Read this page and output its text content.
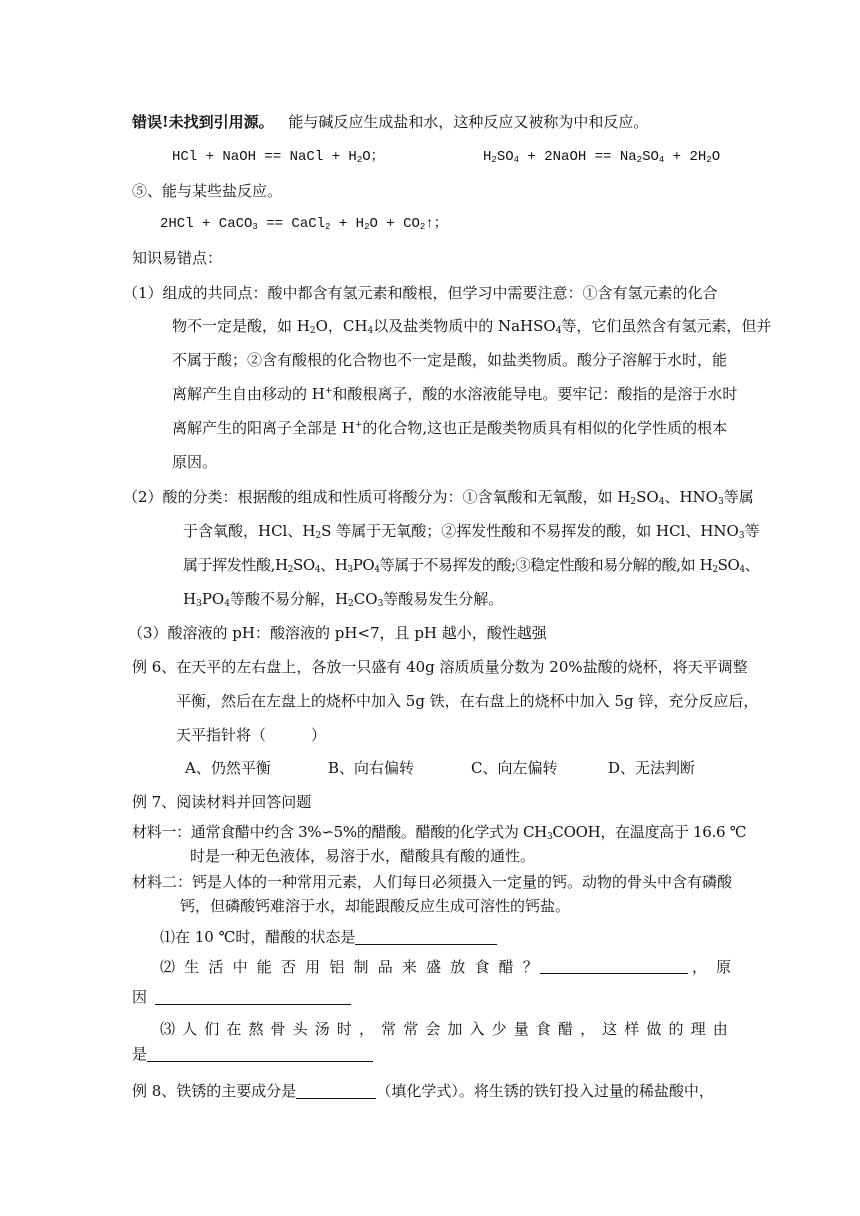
错误!未找到引用源。 能与碱反应生成盐和水，这种反应又被称为中和反应。
HCl + NaOH == NaCl + $H_2O$；	$H_2SO_4$ + 2NaOH == $Na_2SO_4 + 2H_2O$
⑤、能与某些盐反应。
2HCl + CaCO$_3$ == CaCl$_2$ + $H_2O$ + $CO_2↑$；
知识易错点：
（1）组成的共同点：酸中都含有氢元素和酸根，但学习中需要注意：①含有氢元素的化合
物不一定是酸，如 $H_2O$，$CH_4$以及盐类物质中的 NaHSO$_4$等，它们虽然含有氢元素，但并
不属于酸；②含有酸根的化合物也不一定是酸，如盐类物质。酸分子溶解于水时，能
离解产生自由移动的 H+和酸根离子，酸的水溶液能导电。要牢记：酸指的是溶于水时
离解产生的阳离子全部是 H+的化合物,这也正是酸类物质具有相似的化学性质的根本
原因。
（2）酸的分类：根据酸的组成和性质可将酸分为：①含氧酸和无氧酸，如 $H_2SO_4$、$HNO_3$等属
于含氧酸，HCl、$H_2S$ 等属于无氧酸；②挥发性酸和不易挥发的酸，如 HCl、$HNO_3$等
属于挥发性酸$,H_2SO_4$、$H_3PO_4$等属于不易挥发的酸;③稳定性酸和易分解的酸,如 $H_2SO_4$、
$H_3PO_4$等酸不易分解，$H_2CO_3$等酸易发生分解。
（3）酸溶液的 pH：酸溶液的 pH<7，且 pH 越小，酸性越强
例 6、在天平的左右盘上，各放一只盛有 40g 溶质质量分数为 20%盐酸的烧杯，将天平调整
平衡，然后在左盘上的烧杯中加入 5g 铁，在右盘上的烧杯中加入 5g 锌，充分反应后，
天平指针将（　　　）
A、仍然平衡	B、向右偏转	C、向左偏转	D、无法判断
例 7、阅读材料并回答问题
材料一：通常食醋中约含 3%∽5%的醋酸。醋酸的化学式为 $CH_3COOH$，在温度高于 16.6 ℃
时是一种无色液体，易溶于水，醋酸具有酸的通性。
材料二：钙是人体的一种常用元素，人们每日必须摄入一定量的钙。动物的骨头中含有磷酸
钙，但磷酸钙难溶于水，却能跟酸反应生成可溶性的钙盐。
⑴在 10 ℃时，醋酸的状态是
⑵ 生 活 中 能 否 用 铝 制 品 来 盛 放 食 醋 ？	， 原
因
⑶ 人 们 在 熬 骨 头 汤 时 ， 常 常 会 加 入 少 量 食 醋 ， 这 样 做 的 理 由
是
例 8、铁锈的主要成分是	（填化学式）。将生锈的铁钉投入过量的稀盐酸中，
